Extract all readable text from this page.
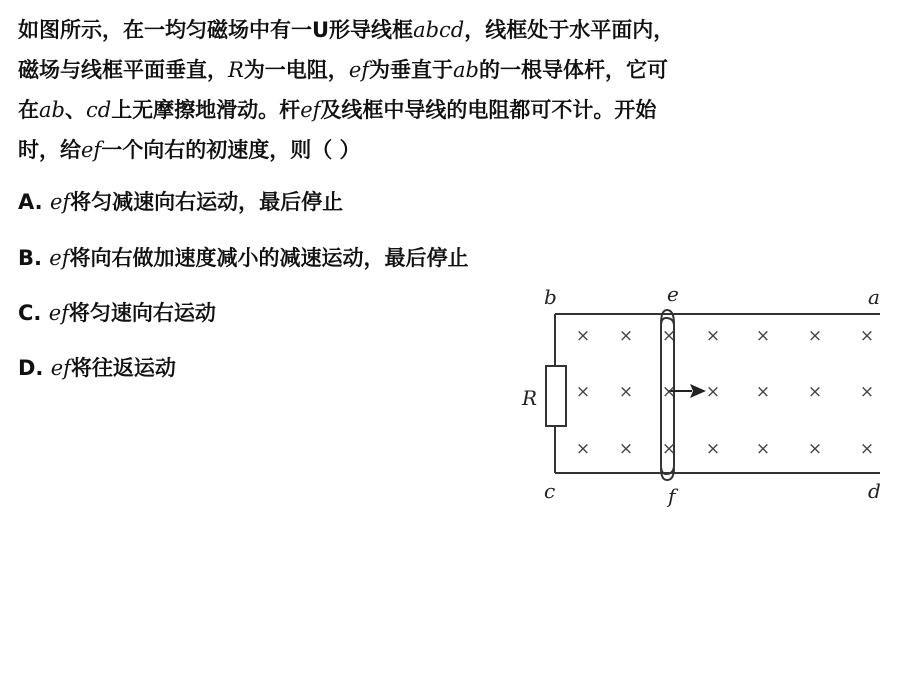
如图所示，在一均匀磁场中有一U形导线框abcd，线框处于水平面内，
磁场与线框平面垂直，R为一电阻，ef为垂直于ab的一根导体杆，它可
在ab、cd上无摩擦地滑动。杆ef及线框中导线的电阻都可不计。开始
时，给ef一个向右的初速度，则（ ）
A. ef将匀减速向右运动，最后停止
B. ef将向右做加速度减小的减速运动，最后停止
C. ef将匀速向右运动
D. ef将往返运动
× × × × × × ×
× × × × × × ×
× × × × × × ×
b	e	a
R
c	f	d
